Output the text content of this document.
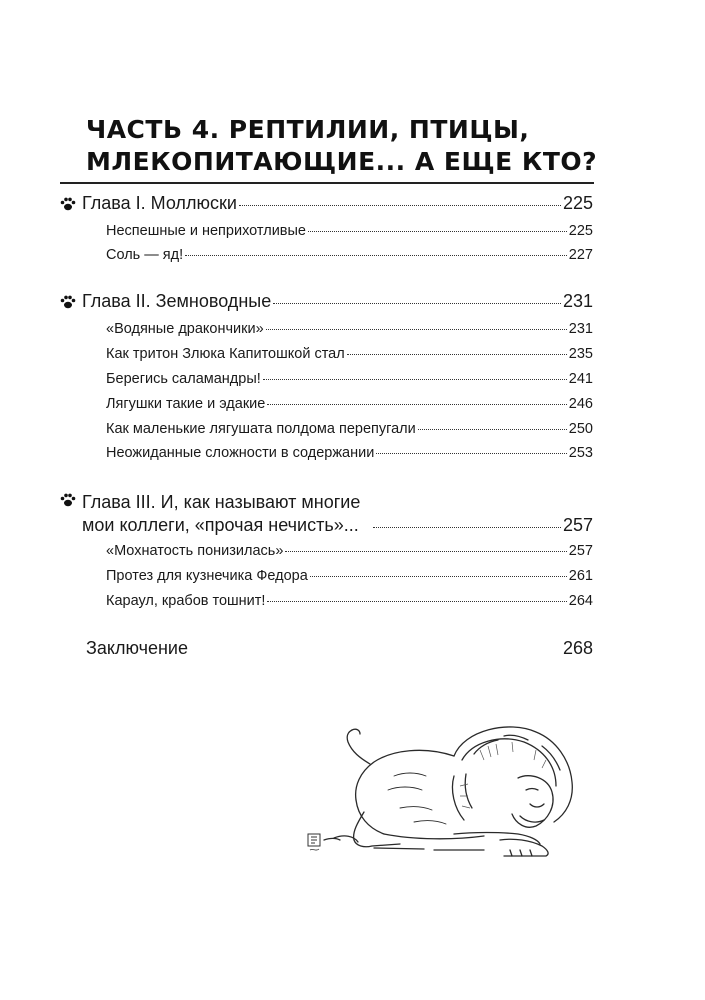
ЧАСТЬ 4. РЕПТИЛИИ, ПТИЦЫ,
МЛЕКОПИТАЮЩИЕ... А ЕЩЕ КТО?
Глава I. Моллюски	225
Неспешные и неприхотливые	225
Соль — яд!	227
Глава II. Земноводные	231
«Водяные дракончики»	231
Как тритон Злюка Капитошкой стал	235
Берегись саламандры!	241
Лягушки такие и эдакие	246
Как маленькие лягушата полдома перепугали	250
Неожиданные сложности в содержании	253
Глава III. И, как называют многие
мои коллеги, «прочая нечисть»...	257
«Мохнатость понизилась»	257
Протез для кузнечика Федора	261
Караул, крабов тошнит!	264
Заключение	268
